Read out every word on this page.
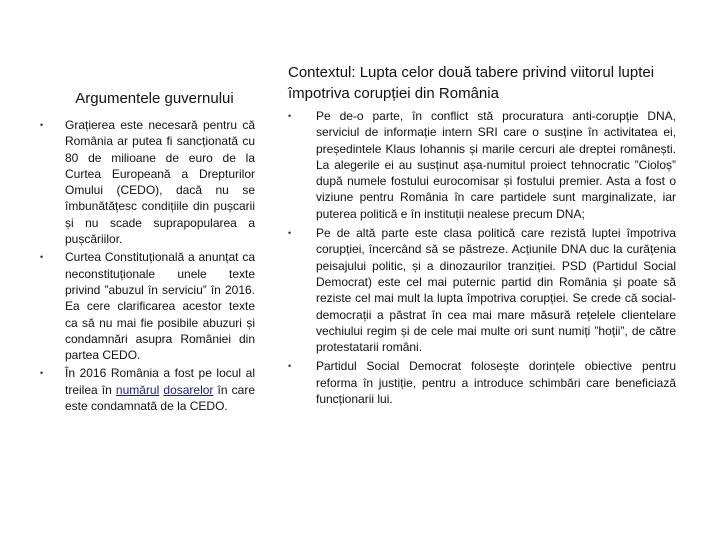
Argumentele guvernului
• Grațierea este necesară pentru că România ar putea fi sancționată cu 80 de milioane de euro de la Curtea Europeană a Drepturilor Omului (CEDO), dacă nu se îmbunătățesc condițiile din pușcarii și nu scade suprapopularea a pușcăriilor.
• Curtea Constituțională a anunțat ca neconstituționale unele texte privind ”abuzul în serviciu” în 2016. Ea cere clarificarea acestor texte ca să nu mai fie posibile abuzuri și condamnări asupra României din partea CEDO.
• În 2016 România a fost pe locul al treilea în numărul dosarelor în care este condamnată de la CEDO.
Contextul: Lupta celor două tabere privind viitorul luptei împotriva corupției din România
• Pe de-o parte, în conflict stă procuratura anti-corupție DNA, serviciul de informație intern SRI care o susține în activitatea ei, președintele Klaus Iohannis și marile cercuri ale dreptei românești. La alegerile ei au susținut așa-numitul proiect tehnocratic ”Cioloș” după numele fostului eurocomisar și fostului premier. Asta a fost o viziune pentru România în care partidele sunt marginalizate, iar puterea politică e în instituții nealese precum DNA;
• Pe de altă parte este clasa politică care rezistă luptei împotriva corupției, încercând să se păstreze. Acțiunile DNA duc la curățenia peisajului politic, și a dinozaurilor tranziției. PSD (Partidul Social Democrat) este cel mai puternic partid din România și poate să reziste cel mai mult la lupta împotriva corupției. Se crede că social-democrații a păstrat în cea mai mare măsură rețelele clientelare vechiului regim și de cele mai multe ori sunt numiți ”hoții”, de către protestatarii români.
• Partidul Social Democrat folosește dorințele obiective pentru reforma în justiție, pentru a introduce schimbări care beneficiază funcționarii lui.
